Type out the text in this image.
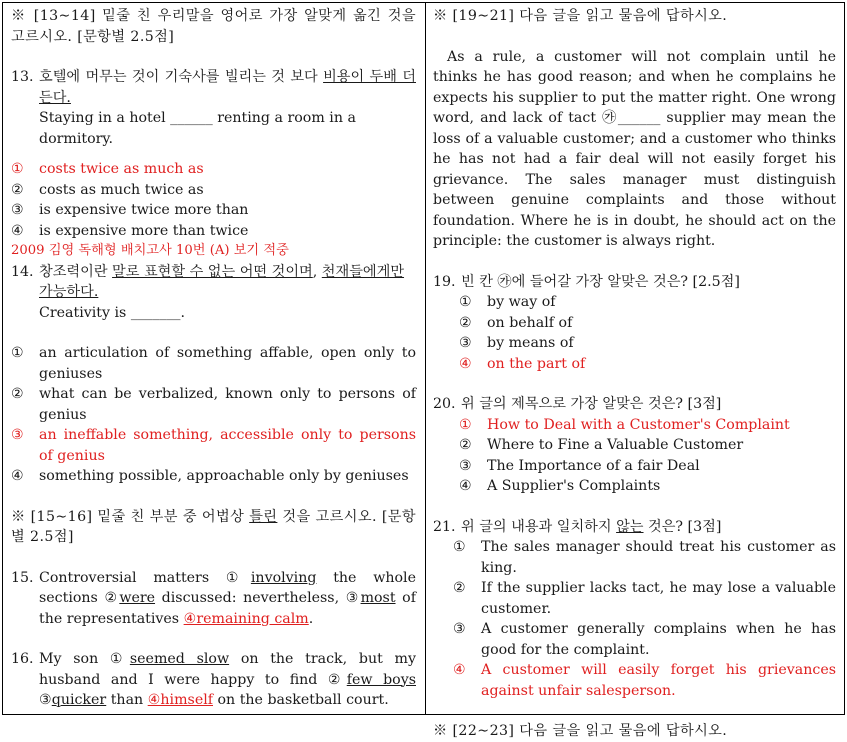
※ [13∼14] 밑줄 친 우리말을 영어로 가장 알맞게 옮긴 것을 고르시오. [문항별 2.5점]
13. 호텔에 머무는 것이 기숙사를 빌리는 것 보다 비용이 두배 더 든다.
Staying in a hotel ______ renting a room in a dormitory.
① costs twice as much as
② costs as much twice as
③ is expensive twice more than
④ is expensive more than twice
2009 김영 독해형 배치고사 10번 (A) 보기 적중
14. 창조력이란 말로 표현할 수 없는 어떤 것이며, 천재들에게만 가능하다.
Creativity is _______.
① an articulation of something affable, open only to geniuses
② what can be verbalized, known only to persons of genius
③ an ineffable something, accessible only to persons of genius
④ something possible, approachable only by geniuses
※ [15∼16] 밑줄 친 부분 중 어법상 틀린 것을 고르시오. [문항별 2.5점]
15. Controversial matters ①involving the whole sections ②were discussed: nevertheless, ③most of the representatives ④remaining calm.
16. My son ①seemed slow on the track, but my husband and I were happy to find ②few boys ③quicker than ④himself on the basketball court.
※ [19∼21] 다음 글을 읽고 물음에 답하시오.
As a rule, a customer will not complain until he thinks he has good reason; and when he complains he expects his supplier to put the matter right. One wrong word, and lack of tact ㉮______ supplier may mean the loss of a valuable customer; and a customer who thinks he has not had a fair deal will not easily forget his grievance. The sales manager must distinguish between genuine complaints and those without foundation. Where he is in doubt, he should act on the principle: the customer is always right.
19. 빈 칸 ㉮에 들어갈 가장 알맞은 것은? [2.5점]
① by way of
② on behalf of
③ by means of
④ on the part of
20. 위 글의 제목으로 가장 알맞은 것은? [3점]
① How to Deal with a Customer's Complaint
② Where to Fine a Valuable Customer
③ The Importance of a fair Deal
④ A Supplier's Complaints
21. 위 글의 내용과 일치하지 않는 것은? [3점]
① The sales manager should treat his customer as king.
② If the supplier lacks tact, he may lose a valuable customer.
③ A customer generally complains when he has good for the complaint.
④ A customer will easily forget his grievances against unfair salesperson.
※ [22∼23] 다음 글을 읽고 물음에 답하시오.
